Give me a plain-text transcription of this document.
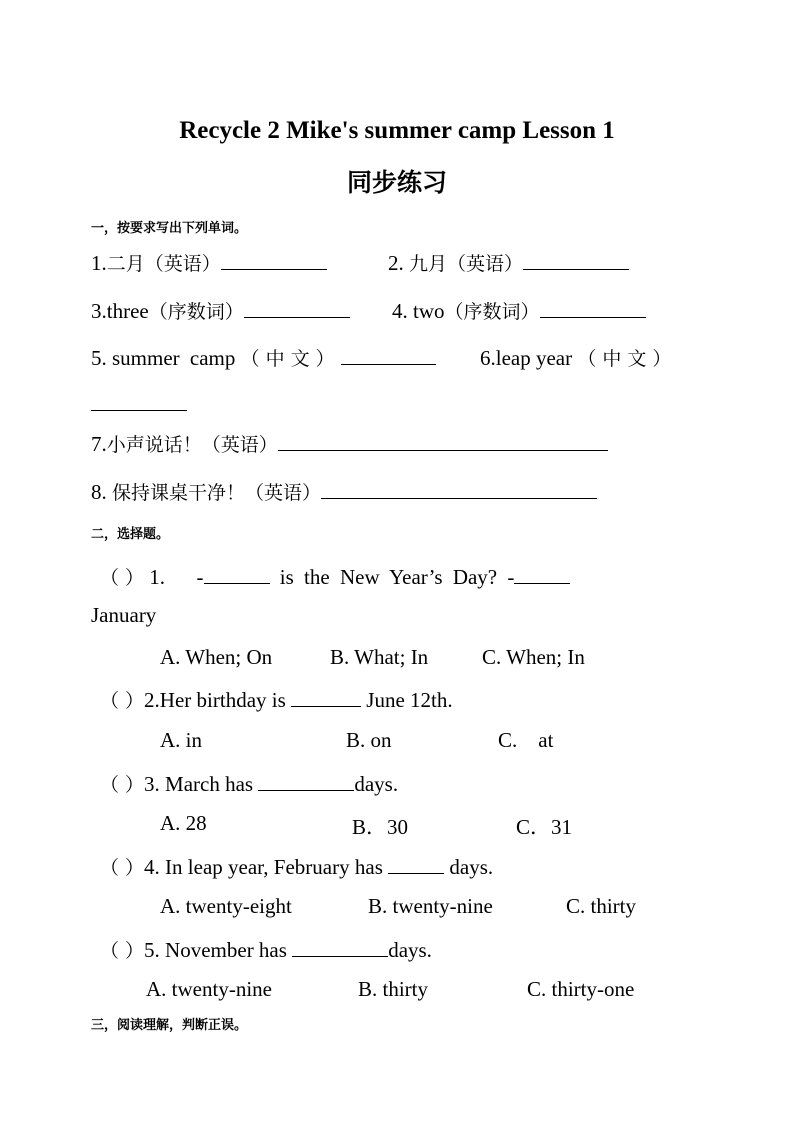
Recycle 2 Mike's summer camp Lesson 1
同步练习
一，按要求写出下列单词。
1.二月（英语）	2. 九月（英语）
3.three（序数词）	4. two（序数词）
5. summer camp （中文）	6.leap year （中文）
7.小声说话！（英语）
8. 保持课桌干净！（英语）
二，选择题。
（ ） 1.      -	is the New Year’s Day? -
January
A. When; On	B. What; In	C. When; In
（ ）2.Her birthday is	June 12th.
A. in	B. on	C.    at
（ ）3. March has	days.
A. 28	B．30	C．31
（ ）4. In leap year, February has	days.
A. twenty-eight	B. twenty-nine	C. thirty
（ ）5. November has	days.
A. twenty-nine	B. thirty	C. thirty-one
三，阅读理解，判断正误。
